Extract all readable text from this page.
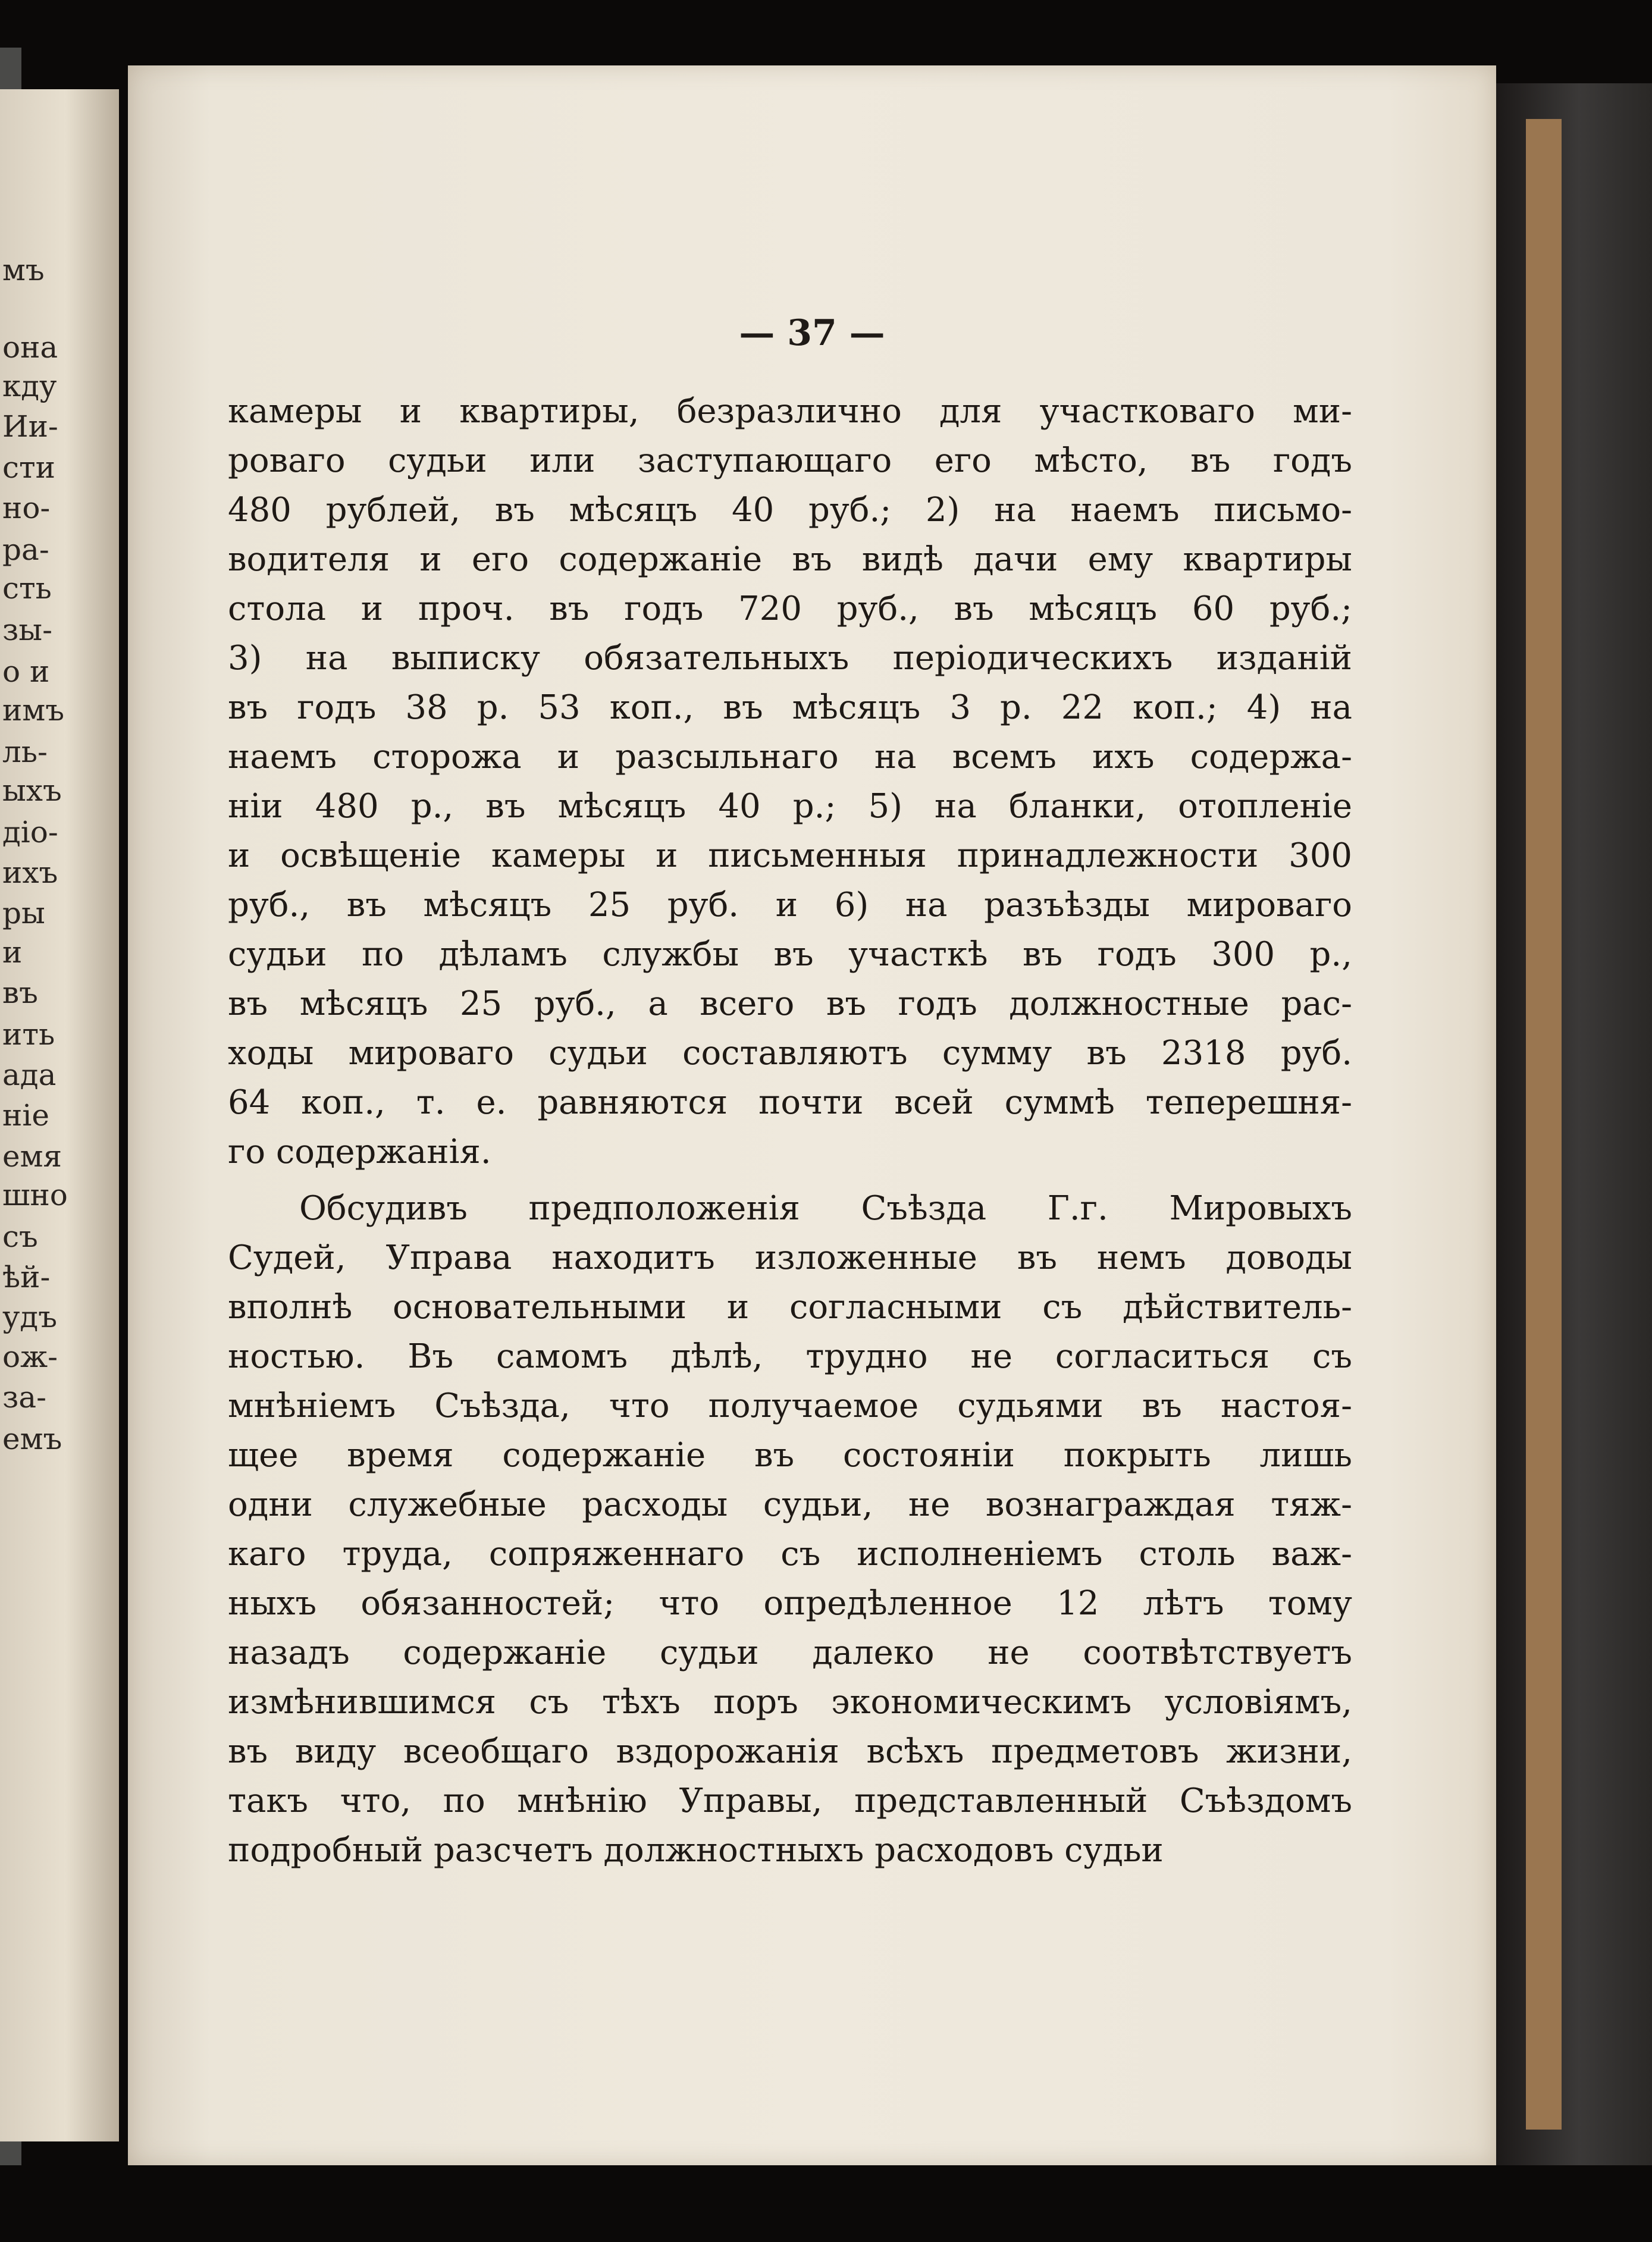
мъ
она
кду
Ии-
сти
но-
ра-
сть
зы-
о и
имъ
ль-
ыхъ
дio-
ихъ
ры
и
въ
ить
ада
ніе
емя
шно
съ
ѣй-
удъ
ож-
за-
емъ
— 37 —
камеры и квартиры, безразлично для участковаго ми-
роваго судьи или заступающаго его мѣсто, въ годъ
480 рублей, въ мѣсяцъ 40 руб.; 2) на наемъ письмо-
водителя и его содержаніе въ видѣ дачи ему квартиры
стола и проч. въ годъ 720 руб., въ мѣсяцъ 60 руб.;
3) на выписку обязательныхъ періодическихъ изданій
въ годъ 38 р. 53 коп., въ мѣсяцъ 3 р. 22 коп.; 4) на
наемъ сторожа и разсыльнаго на всемъ ихъ содержа-
ніи 480 р., въ мѣсяцъ 40 р.; 5) на бланки, отопленіе
и освѣщеніе камеры и письменныя принадлежности 300
руб., въ мѣсяцъ 25 руб. и 6) на разъѣзды мироваго
судьи по дѣламъ службы въ участкѣ въ годъ 300 р.,
въ мѣсяцъ 25 руб., а всего въ годъ должностные рас-
ходы мироваго судьи составляютъ сумму въ 2318 руб.
64 коп., т. е. равняются почти всей суммѣ теперешня-
го содержанія.
Обсудивъ предположенія Съѣзда Г.г. Мировыхъ
Судей, Управа находитъ изложенные въ немъ доводы
вполнѣ основательными и согласными съ дѣйствитель-
ностью. Въ самомъ дѣлѣ, трудно не согласиться съ
мнѣніемъ Съѣзда, что получаемое судьями въ настоя-
щее время содержаніе въ состояніи покрыть лишь
одни служебные расходы судьи, не вознаграждая тяж-
каго труда, сопряженнаго съ исполненіемъ столь важ-
ныхъ обязанностей; что опредѣленное 12 лѣтъ тому
назадъ содержаніе судьи далеко не соотвѣтствуетъ
измѣнившимся съ тѣхъ поръ экономическимъ условіямъ,
въ виду всеобщаго вздорожанія всѣхъ предметовъ жизни,
такъ что, по мнѣнію Управы, представленный Съѣздомъ
подробный разсчетъ должностныхъ расходовъ судьи
